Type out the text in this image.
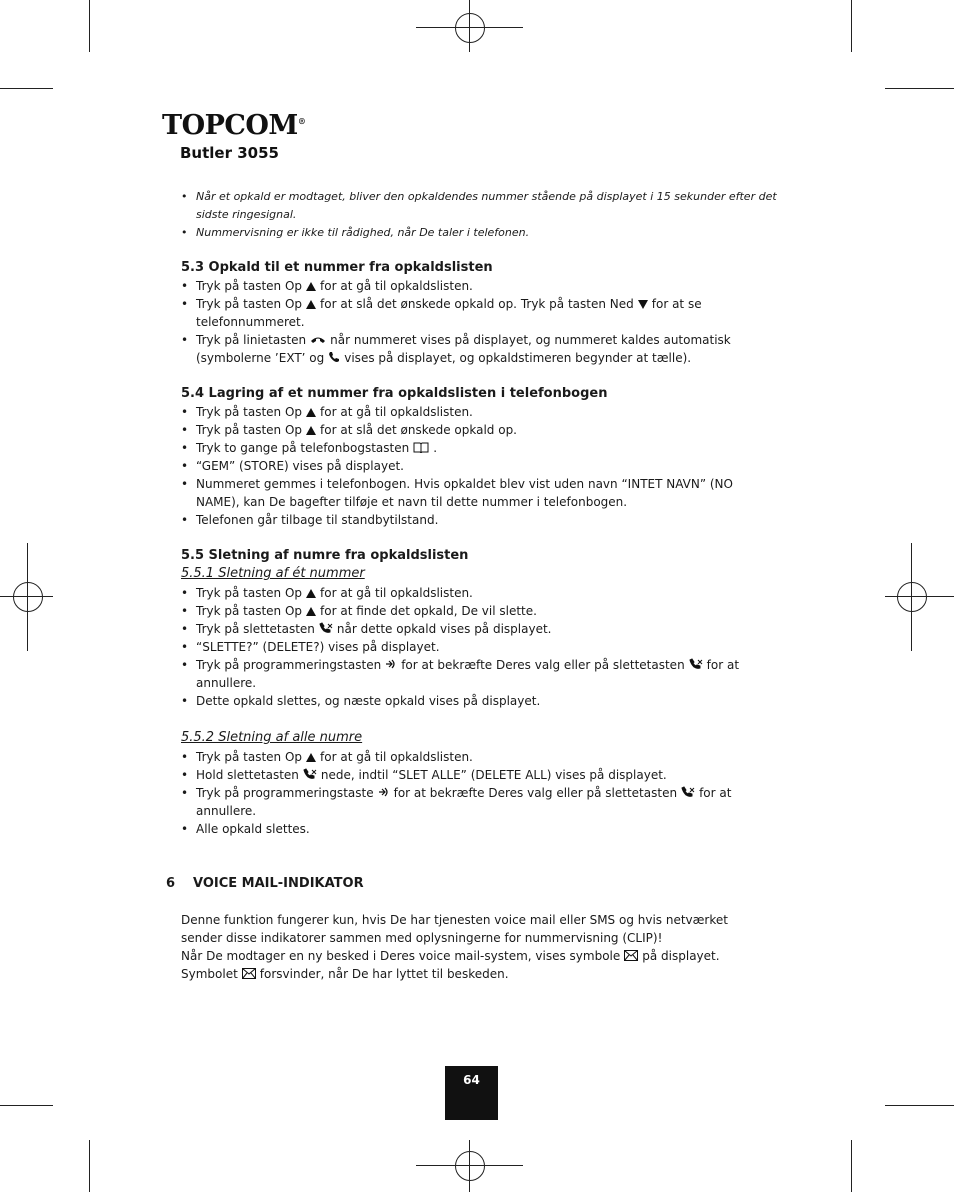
TOPCOM®
Butler 3055
• Når et opkald er modtaget, bliver den opkaldendes nummer stående på displayet i 15 sekunder efter det
sidste ringesignal.
• Nummervisning er ikke til rådighed, når De taler i telefonen.
5.3 Opkald til et nummer fra opkaldslisten
• Tryk på tasten Op for at gå til opkaldslisten.
• Tryk på tasten Op for at slå det ønskede opkald op. Tryk på tasten Ned for at se
telefonnummeret.
• Tryk på linietasten når nummeret vises på displayet, og nummeret kaldes automatisk
(symbolerne ’EXT’ og vises på displayet, og opkaldstimeren begynder at tælle).
5.4 Lagring af et nummer fra opkaldslisten i telefonbogen
• Tryk på tasten Op for at gå til opkaldslisten.
• Tryk på tasten Op for at slå det ønskede opkald op.
• Tryk to gange på telefonbogstasten .
• “GEM” (STORE) vises på displayet.
• Nummeret gemmes i telefonbogen. Hvis opkaldet blev vist uden navn “INTET NAVN” (NO
NAME), kan De bagefter tilføje et navn til dette nummer i telefonbogen.
• Telefonen går tilbage til standbytilstand.
5.5 Sletning af numre fra opkaldslisten
5.5.1 Sletning af ét nummer
• Tryk på tasten Op for at gå til opkaldslisten.
• Tryk på tasten Op for at finde det opkald, De vil slette.
• Tryk på slettetasten når dette opkald vises på displayet.
• “SLETTE?” (DELETE?) vises på displayet.
• Tryk på programmeringstasten for at bekræfte Deres valg eller på slettetasten for at
annullere.
• Dette opkald slettes, og næste opkald vises på displayet.
5.5.2 Sletning af alle numre
• Tryk på tasten Op for at gå til opkaldslisten.
• Hold slettetasten nede, indtil “SLET ALLE” (DELETE ALL) vises på displayet.
• Tryk på programmeringstaste for at bekræfte Deres valg eller på slettetasten for at
annullere.
• Alle opkald slettes.
6 VOICE MAIL-INDIKATOR
Denne funktion fungerer kun, hvis De har tjenesten voice mail eller SMS og hvis netværket
sender disse indikatorer sammen med oplysningerne for nummervisning (CLIP)!
Når De modtager en ny besked i Deres voice mail-system, vises symbole på displayet.
Symbolet forsvinder, når De har lyttet til beskeden.
64
